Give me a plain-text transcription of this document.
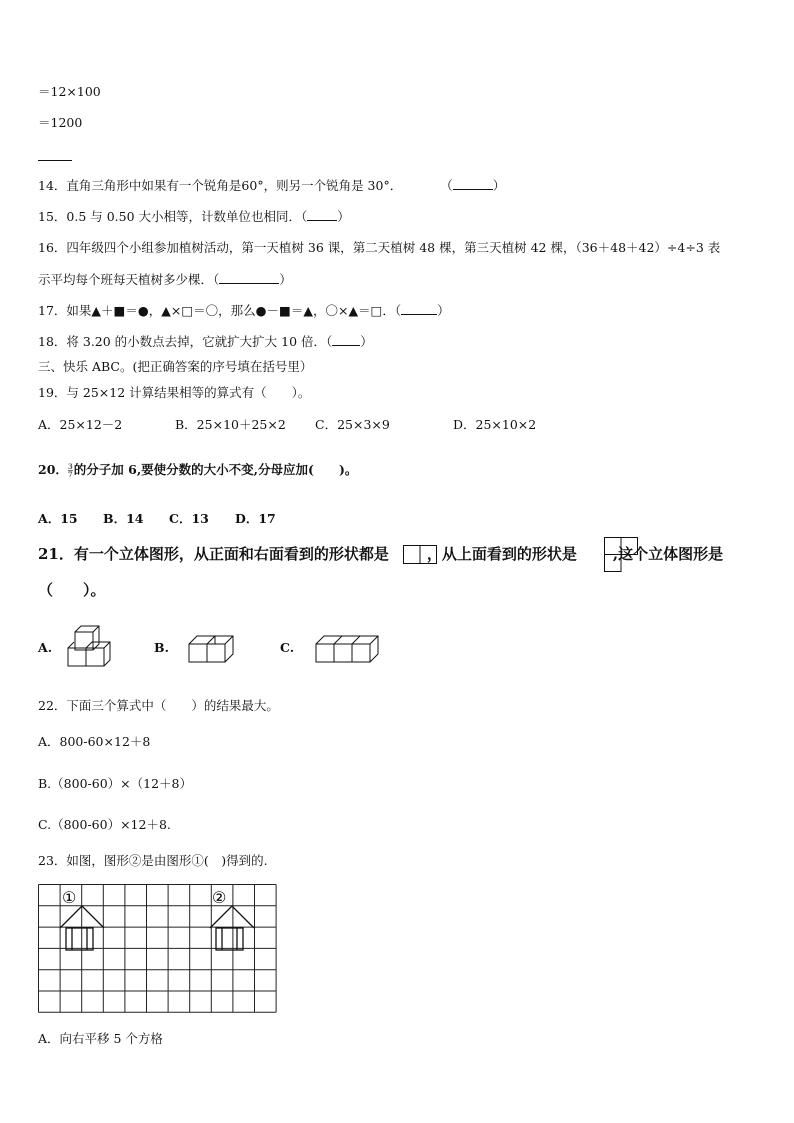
＝12×100
＝1200
14．直角三角形中如果有一个锐角是60°，则另一个锐角是 30°．	（	）
15．0.5 与 0.50 大小相等，计数单位也相同．（ ）
16．四年级四个小组参加植树活动，第一天植树 36 课，第二天植树 48 棵，第三天植树 42 棵，（36＋48＋42）÷4÷3 表
示平均每个班每天植树多少棵．（	）
17．如果▲＋■＝●，▲×□＝〇，那么●－■＝▲，〇×▲＝□．（	）
18．将 3.20 的小数点去掉，它就扩大扩大 10 倍．（ ）
三、快乐 ABC。(把正确答案的序号填在括号里）
19．与 25×12 计算结果相等的算式有（　　）。
A．25×12－2	B．25×10＋25×2 C．25×3×9	D．25×10×2
20． $\frac{3}{7}$ 的分子加 6,要使分数的大小不变,分母应加(　　)。
A．15 B．14 C．13 D．17
21．有一个立体图形，从正面和右面看到的形状都是	，从上面看到的形状是 ,这个立体图形是
（　　）。
A.	B.	C.
22．下面三个算式中（　　）的结果最大。
A．800-60×12＋8
B.（800-60）×（12＋8）
C.（800-60）×12＋8.
23．如图，图形②是由图形①(　)得到的.
①	②
A．向右平移 5 个方格
